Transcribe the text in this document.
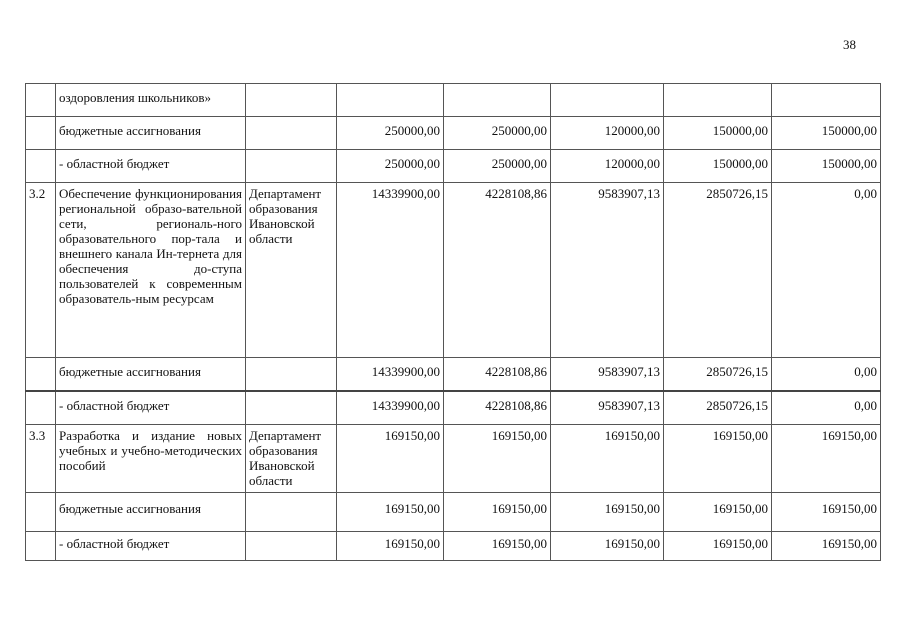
38
	оздоровления школьников»						
	бюджетные ассигнования		250000,00	250000,00	120000,00	150000,00	150000,00
	- областной бюджет		250000,00	250000,00	120000,00	150000,00	150000,00
3.2	Обеспечение функционирования региональной образо-вательной сети, региональ-ного образовательного пор-тала и внешнего канала Ин-тернета для обеспечения до-ступа пользователей к современным образователь-ным ресурсам	Департамент образования Ивановской области	14339900,00	4228108,86	9583907,13	2850726,15	0,00
	бюджетные ассигнования		14339900,00	4228108,86	9583907,13	2850726,15	0,00
	- областной бюджет		14339900,00	4228108,86	9583907,13	2850726,15	0,00
3.3	Разработка и издание новых учебных и учебно-методических пособий	Департамент образования Ивановской области	169150,00	169150,00	169150,00	169150,00	169150,00
	бюджетные ассигнования		169150,00	169150,00	169150,00	169150,00	169150,00
	- областной бюджет		169150,00	169150,00	169150,00	169150,00	169150,00
